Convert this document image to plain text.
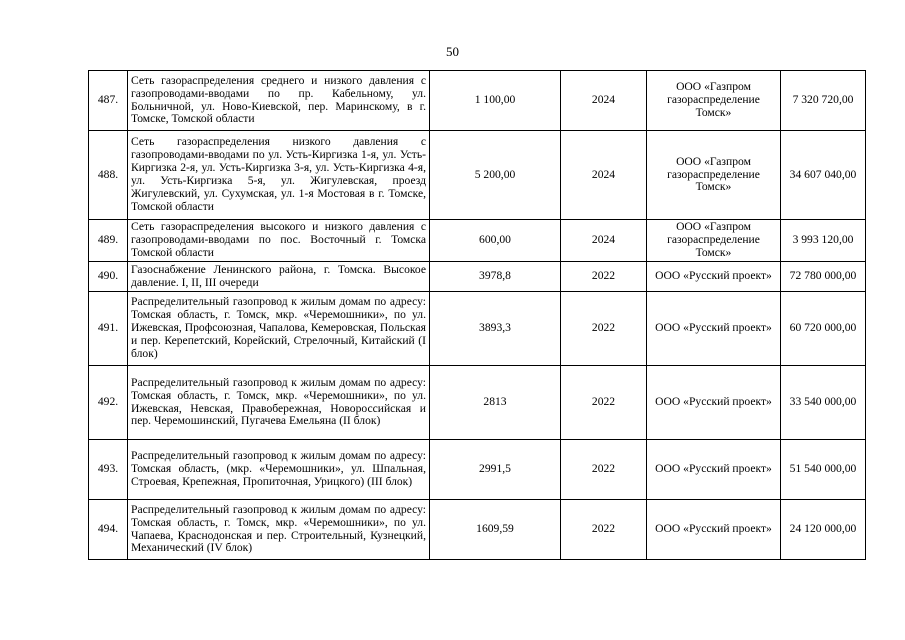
50
487.	Сеть газораспределения среднего и низкого давления с газопроводами-вводами по пр. Кабельному, ул. Больничной, ул. Ново-Киевской, пер. Маринскому, в г. Томске, Томской области	1 100,00	2024	ООО «Газпром газораспределение Томск»	7 320 720,00
488.	Сеть газораспределения низкого давления с газопроводами-вводами по ул. Усть-Киргизка 1-я, ул. Усть-Киргизка 2-я, ул. Усть-Киргизка 3-я, ул. Усть-Киргизка 4-я, ул. Усть-Киргизка 5-я, ул. Жигулевская, проезд Жигулевский, ул. Сухумская, ул. 1-я Мостовая в г. Томске, Томской области	5 200,00	2024	ООО «Газпром газораспределение Томск»	34 607 040,00
489.	Сеть газораспределения высокого и низкого давления с газопроводами-вводами по пос. Восточный г. Томска Томской области	600,00	2024	ООО «Газпром газораспределение Томск»	3 993 120,00
490.	Газоснабжение Ленинского района, г. Томска. Высокое давление. I, II, III очереди	3978,8	2022	ООО «Русский проект»	72 780 000,00
491.	Распределительный газопровод к жилым домам по адресу: Томская область, г. Томск, мкр. «Черемошники», по ул. Ижевская, Профсоюзная, Чапалова, Кемеровская, Польская и пер. Керепетский, Корейский, Стрелочный, Китайский (I блок)	3893,3	2022	ООО «Русский проект»	60 720 000,00
492.	Распределительный газопровод к жилым домам по адресу: Томская область, г. Томск, мкр. «Черемошники», по ул. Ижевская, Невская, Правобережная, Новороссийская и пер. Черемошинский, Пугачева Емельяна (II блок)	2813	2022	ООО «Русский проект»	33 540 000,00
493.	Распределительный газопровод к жилым домам по адресу: Томская область, (мкр. «Черемошники», ул. Шпальная, Строевая, Крепежная, Пропиточная, Урицкого) (III блок)	2991,5	2022	ООО «Русский проект»	51 540 000,00
494.	Распределительный газопровод к жилым домам по адресу: Томская область, г. Томск, мкр. «Черемошники», по ул. Чапаева, Краснодонская и пер. Строительный, Кузнецкий, Механический (IV блок)	1609,59	2022	ООО «Русский проект»	24 120 000,00
